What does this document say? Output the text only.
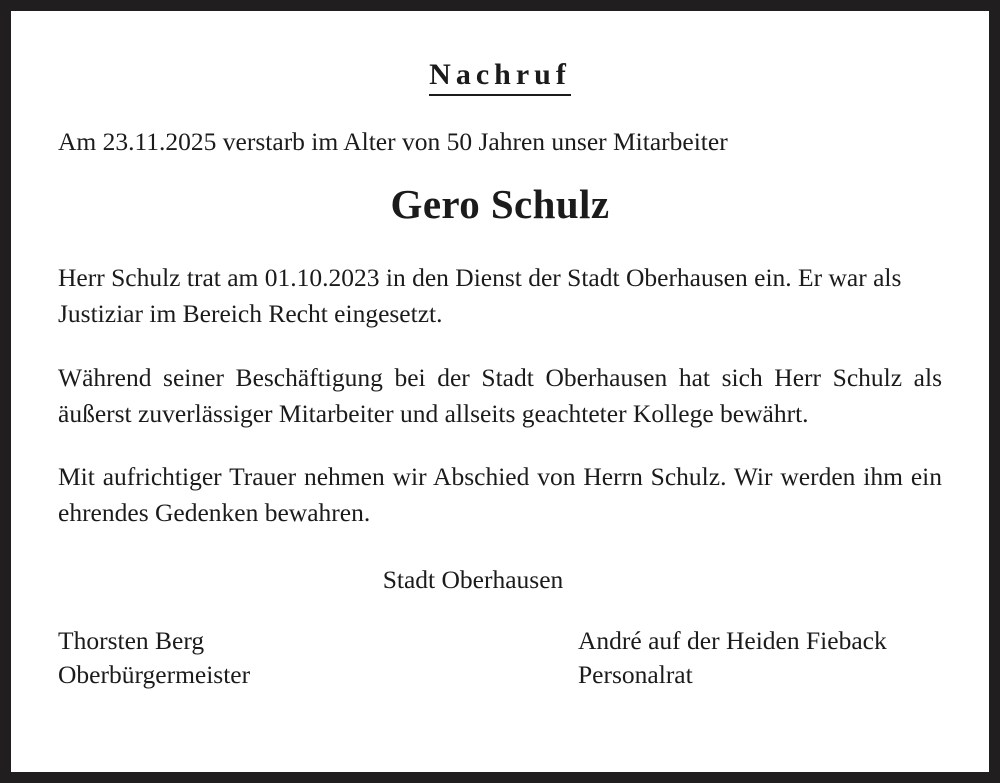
Nachruf

Am 23.11.2025 verstarb im Alter von 50 Jahren unser Mitarbeiter

Gero Schulz

Herr Schulz trat am 01.10.2023 in den Dienst der Stadt Oberhausen ein. Er war als Justiziar im Bereich Recht eingesetzt.

Während seiner Beschäftigung bei der Stadt Oberhausen hat sich Herr Schulz als äußerst zuverlässiger Mitarbeiter und allseits geachteter Kollege bewährt.

Mit aufrichtiger Trauer nehmen wir Abschied von Herrn Schulz. Wir werden ihm ein ehrendes Gedenken bewahren.

Stadt Oberhausen

Thorsten Berg
Oberbürgermeister
André auf der Heiden Fieback
Personalrat
